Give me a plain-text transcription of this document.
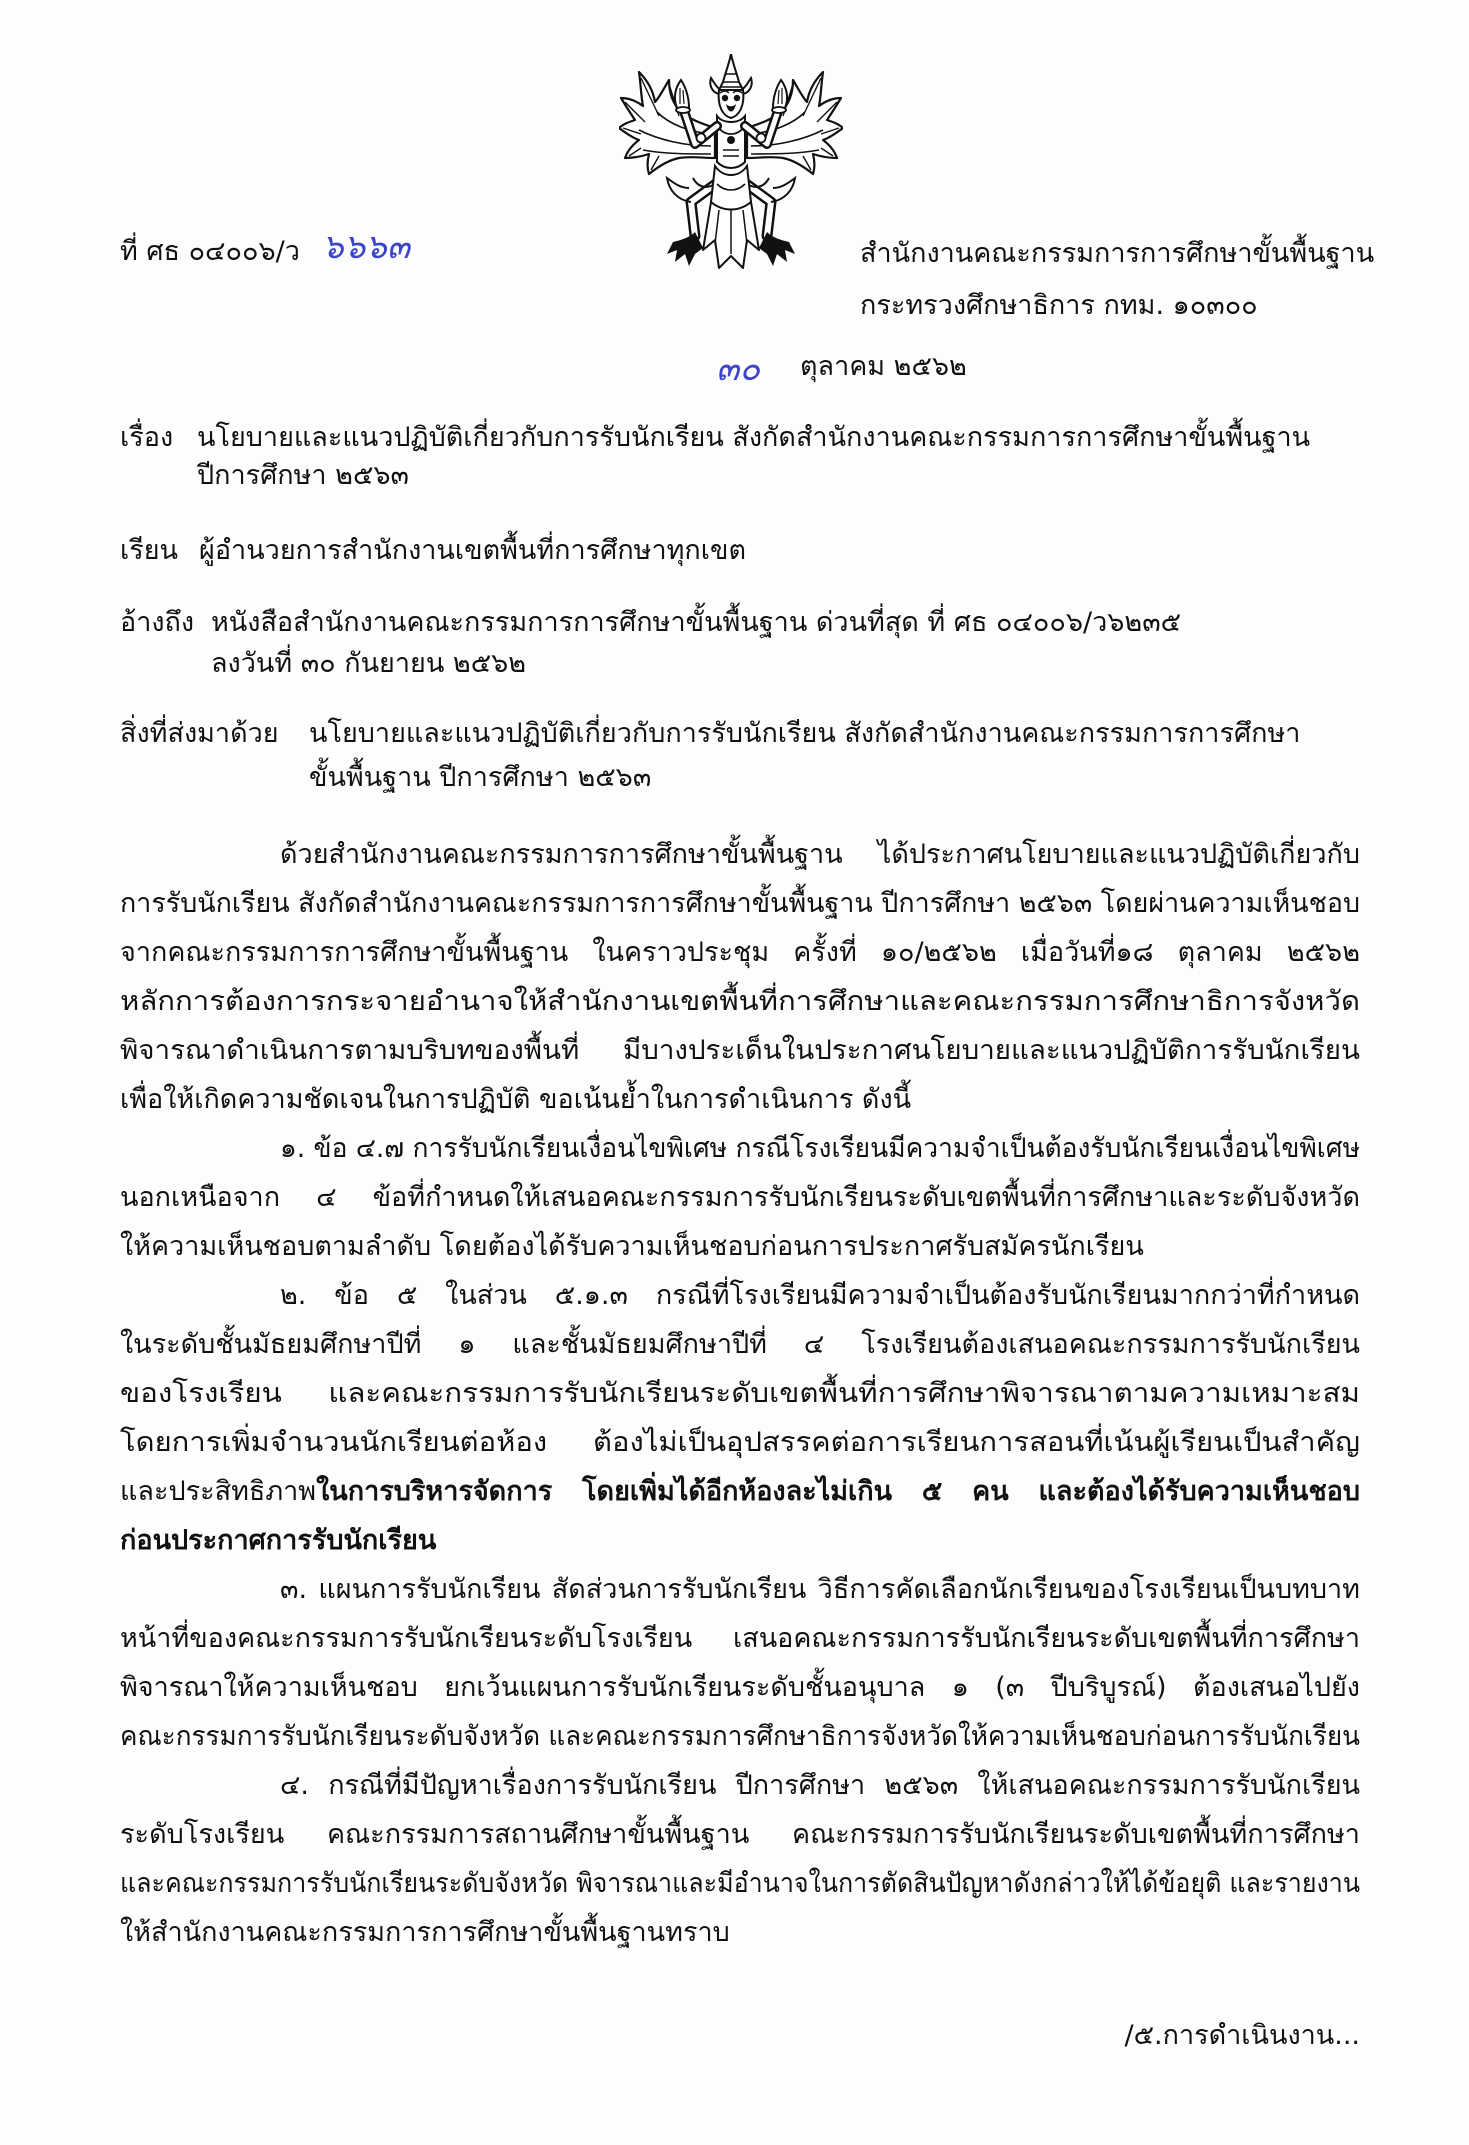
ที่ ศธ ๐๔๐๐๖/ว ๖๖๖๓	สำนักงานคณะกรรมการการศึกษาขั้นพื้นฐาน
กระทรวงศึกษาธิการ กทม. ๑๐๓๐๐
๓๐	ตุลาคม ๒๕๖๒
เรื่อง นโยบายและแนวปฏิบัติเกี่ยวกับการรับนักเรียน สังกัดสำนักงานคณะกรรมการการศึกษาขั้นพื้นฐาน
ปีการศึกษา ๒๕๖๓
เรียน ผู้อำนวยการสำนักงานเขตพื้นที่การศึกษาทุกเขต
อ้างถึง หนังสือสำนักงานคณะกรรมการการศึกษาขั้นพื้นฐาน ด่วนที่สุด ที่ ศธ ๐๔๐๐๖/ว๖๒๓๕
ลงวันที่ ๓๐ กันยายน ๒๕๖๒
สิ่งที่ส่งมาด้วย	นโยบายและแนวปฏิบัติเกี่ยวกับการรับนักเรียน สังกัดสำนักงานคณะกรรมการการศึกษา
ขั้นพื้นฐาน ปีการศึกษา ๒๕๖๓
ด้วยสำนักงานคณะกรรมการการศึกษาขั้นพื้นฐาน ได้ประกาศนโยบายและแนวปฏิบัติเกี่ยวกับ
การรับนักเรียน สังกัดสำนักงานคณะกรรมการการศึกษาขั้นพื้นฐาน ปีการศึกษา ๒๕๖๓ โดยผ่านความเห็นชอบ
จากคณะกรรมการการศึกษาขั้นพื้นฐาน ในคราวประชุม ครั้งที่ ๑๐/๒๕๖๒ เมื่อวันที่๑๘ ตุลาคม ๒๕๖๒
หลักการต้องการกระจายอำนาจให้สำนักงานเขตพื้นที่การศึกษาและคณะกรรมการศึกษาธิการจังหวัด
พิจารณาดำเนินการตามบริบทของพื้นที่ มีบางประเด็นในประกาศนโยบายและแนวปฏิบัติการรับนักเรียน
เพื่อให้เกิดความชัดเจนในการปฏิบัติ ขอเน้นย้ำในการดำเนินการ ดังนี้
๑. ข้อ ๔.๗ การรับนักเรียนเงื่อนไขพิเศษ กรณีโรงเรียนมีความจำเป็นต้องรับนักเรียนเงื่อนไขพิเศษ
นอกเหนือจาก ๔ ข้อที่กำหนดให้เสนอคณะกรรมการรับนักเรียนระดับเขตพื้นที่การศึกษาและระดับจังหวัด
ให้ความเห็นชอบตามลำดับ โดยต้องได้รับความเห็นชอบก่อนการประกาศรับสมัครนักเรียน
๒. ข้อ ๕ ในส่วน ๕.๑.๓ กรณีที่โรงเรียนมีความจำเป็นต้องรับนักเรียนมากกว่าที่กำหนด
ในระดับชั้นมัธยมศึกษาปีที่ ๑ และชั้นมัธยมศึกษาปีที่ ๔ โรงเรียนต้องเสนอคณะกรรมการรับนักเรียน
ของโรงเรียน และคณะกรรมการรับนักเรียนระดับเขตพื้นที่การศึกษาพิจารณาตามความเหมาะสม
โดยการเพิ่มจำนวนนักเรียนต่อห้อง ต้องไม่เป็นอุปสรรคต่อการเรียนการสอนที่เน้นผู้เรียนเป็นสำคัญ
และประสิทธิภาพในการบริหารจัดการ โดยเพิ่มได้อีกห้องละไม่เกิน ๕ คน และต้องได้รับความเห็นชอบ
ก่อนประกาศการรับนักเรียน
๓. แผนการรับนักเรียน สัดส่วนการรับนักเรียน วิธีการคัดเลือกนักเรียนของโรงเรียนเป็นบทบาท
หน้าที่ของคณะกรรมการรับนักเรียนระดับโรงเรียน เสนอคณะกรรมการรับนักเรียนระดับเขตพื้นที่การศึกษา
พิจารณาให้ความเห็นชอบ ยกเว้นแผนการรับนักเรียนระดับชั้นอนุบาล ๑ (๓ ปีบริบูรณ์) ต้องเสนอไปยัง
คณะกรรมการรับนักเรียนระดับจังหวัด และคณะกรรมการศึกษาธิการจังหวัดให้ความเห็นชอบก่อนการรับนักเรียน
๔. กรณีที่มีปัญหาเรื่องการรับนักเรียน ปีการศึกษา ๒๕๖๓ ให้เสนอคณะกรรมการรับนักเรียน
ระดับโรงเรียน คณะกรรมการสถานศึกษาขั้นพื้นฐาน คณะกรรมการรับนักเรียนระดับเขตพื้นที่การศึกษา
และคณะกรรมการรับนักเรียนระดับจังหวัด พิจารณาและมีอำนาจในการตัดสินปัญหาดังกล่าวให้ได้ข้อยุติ และรายงาน
ให้สำนักงานคณะกรรมการการศึกษาขั้นพื้นฐานทราบ
/๕.การดำเนินงาน...
